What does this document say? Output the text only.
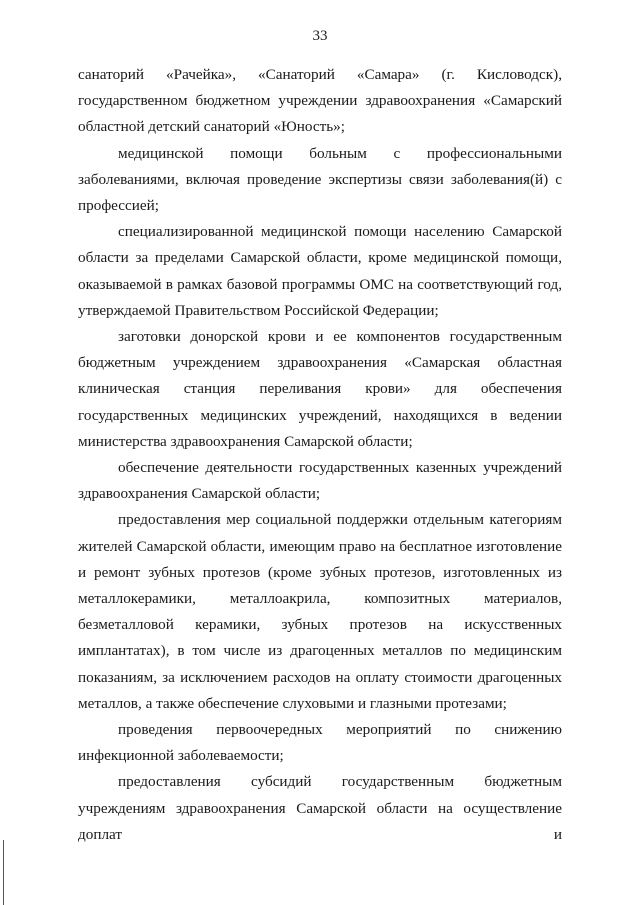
33

санаторий «Рачейка», «Санаторий «Самара» (г. Кисловодск), государственном бюджетном учреждении здравоохранения «Самарский областной детский санаторий «Юность»;

медицинской помощи больным с профессиональными заболеваниями, включая проведение экспертизы связи заболевания(й) с профессией;

специализированной медицинской помощи населению Самарской области за пределами Самарской области, кроме медицинской помощи, оказываемой в рамках базовой программы ОМС на соответствующий год, утверждаемой Правительством Российской Федерации;

заготовки донорской крови и ее компонентов государственным бюджетным учреждением здравоохранения «Самарская областная клиническая станция переливания крови» для обеспечения государственных медицинских учреждений, находящихся в ведении министерства здравоохранения Самарской области;

обеспечение деятельности государственных казенных учреждений здравоохранения Самарской области;

предоставления мер социальной поддержки отдельным категориям жителей Самарской области, имеющим право на бесплатное изготовление и ремонт зубных протезов (кроме зубных протезов, изготовленных из металлокерамики, металлоакрила, композитных материалов, безметалловой керамики, зубных протезов на искусственных имплантатах), в том числе из драгоценных металлов по медицинским показаниям, за исключением расходов на оплату стоимости драгоценных металлов, а также обеспечение слуховыми и глазными протезами;

проведения первоочередных мероприятий по снижению инфекционной заболеваемости;

предоставления субсидий государственным бюджетным учреждениям здравоохранения Самарской области на осуществление доплат и
